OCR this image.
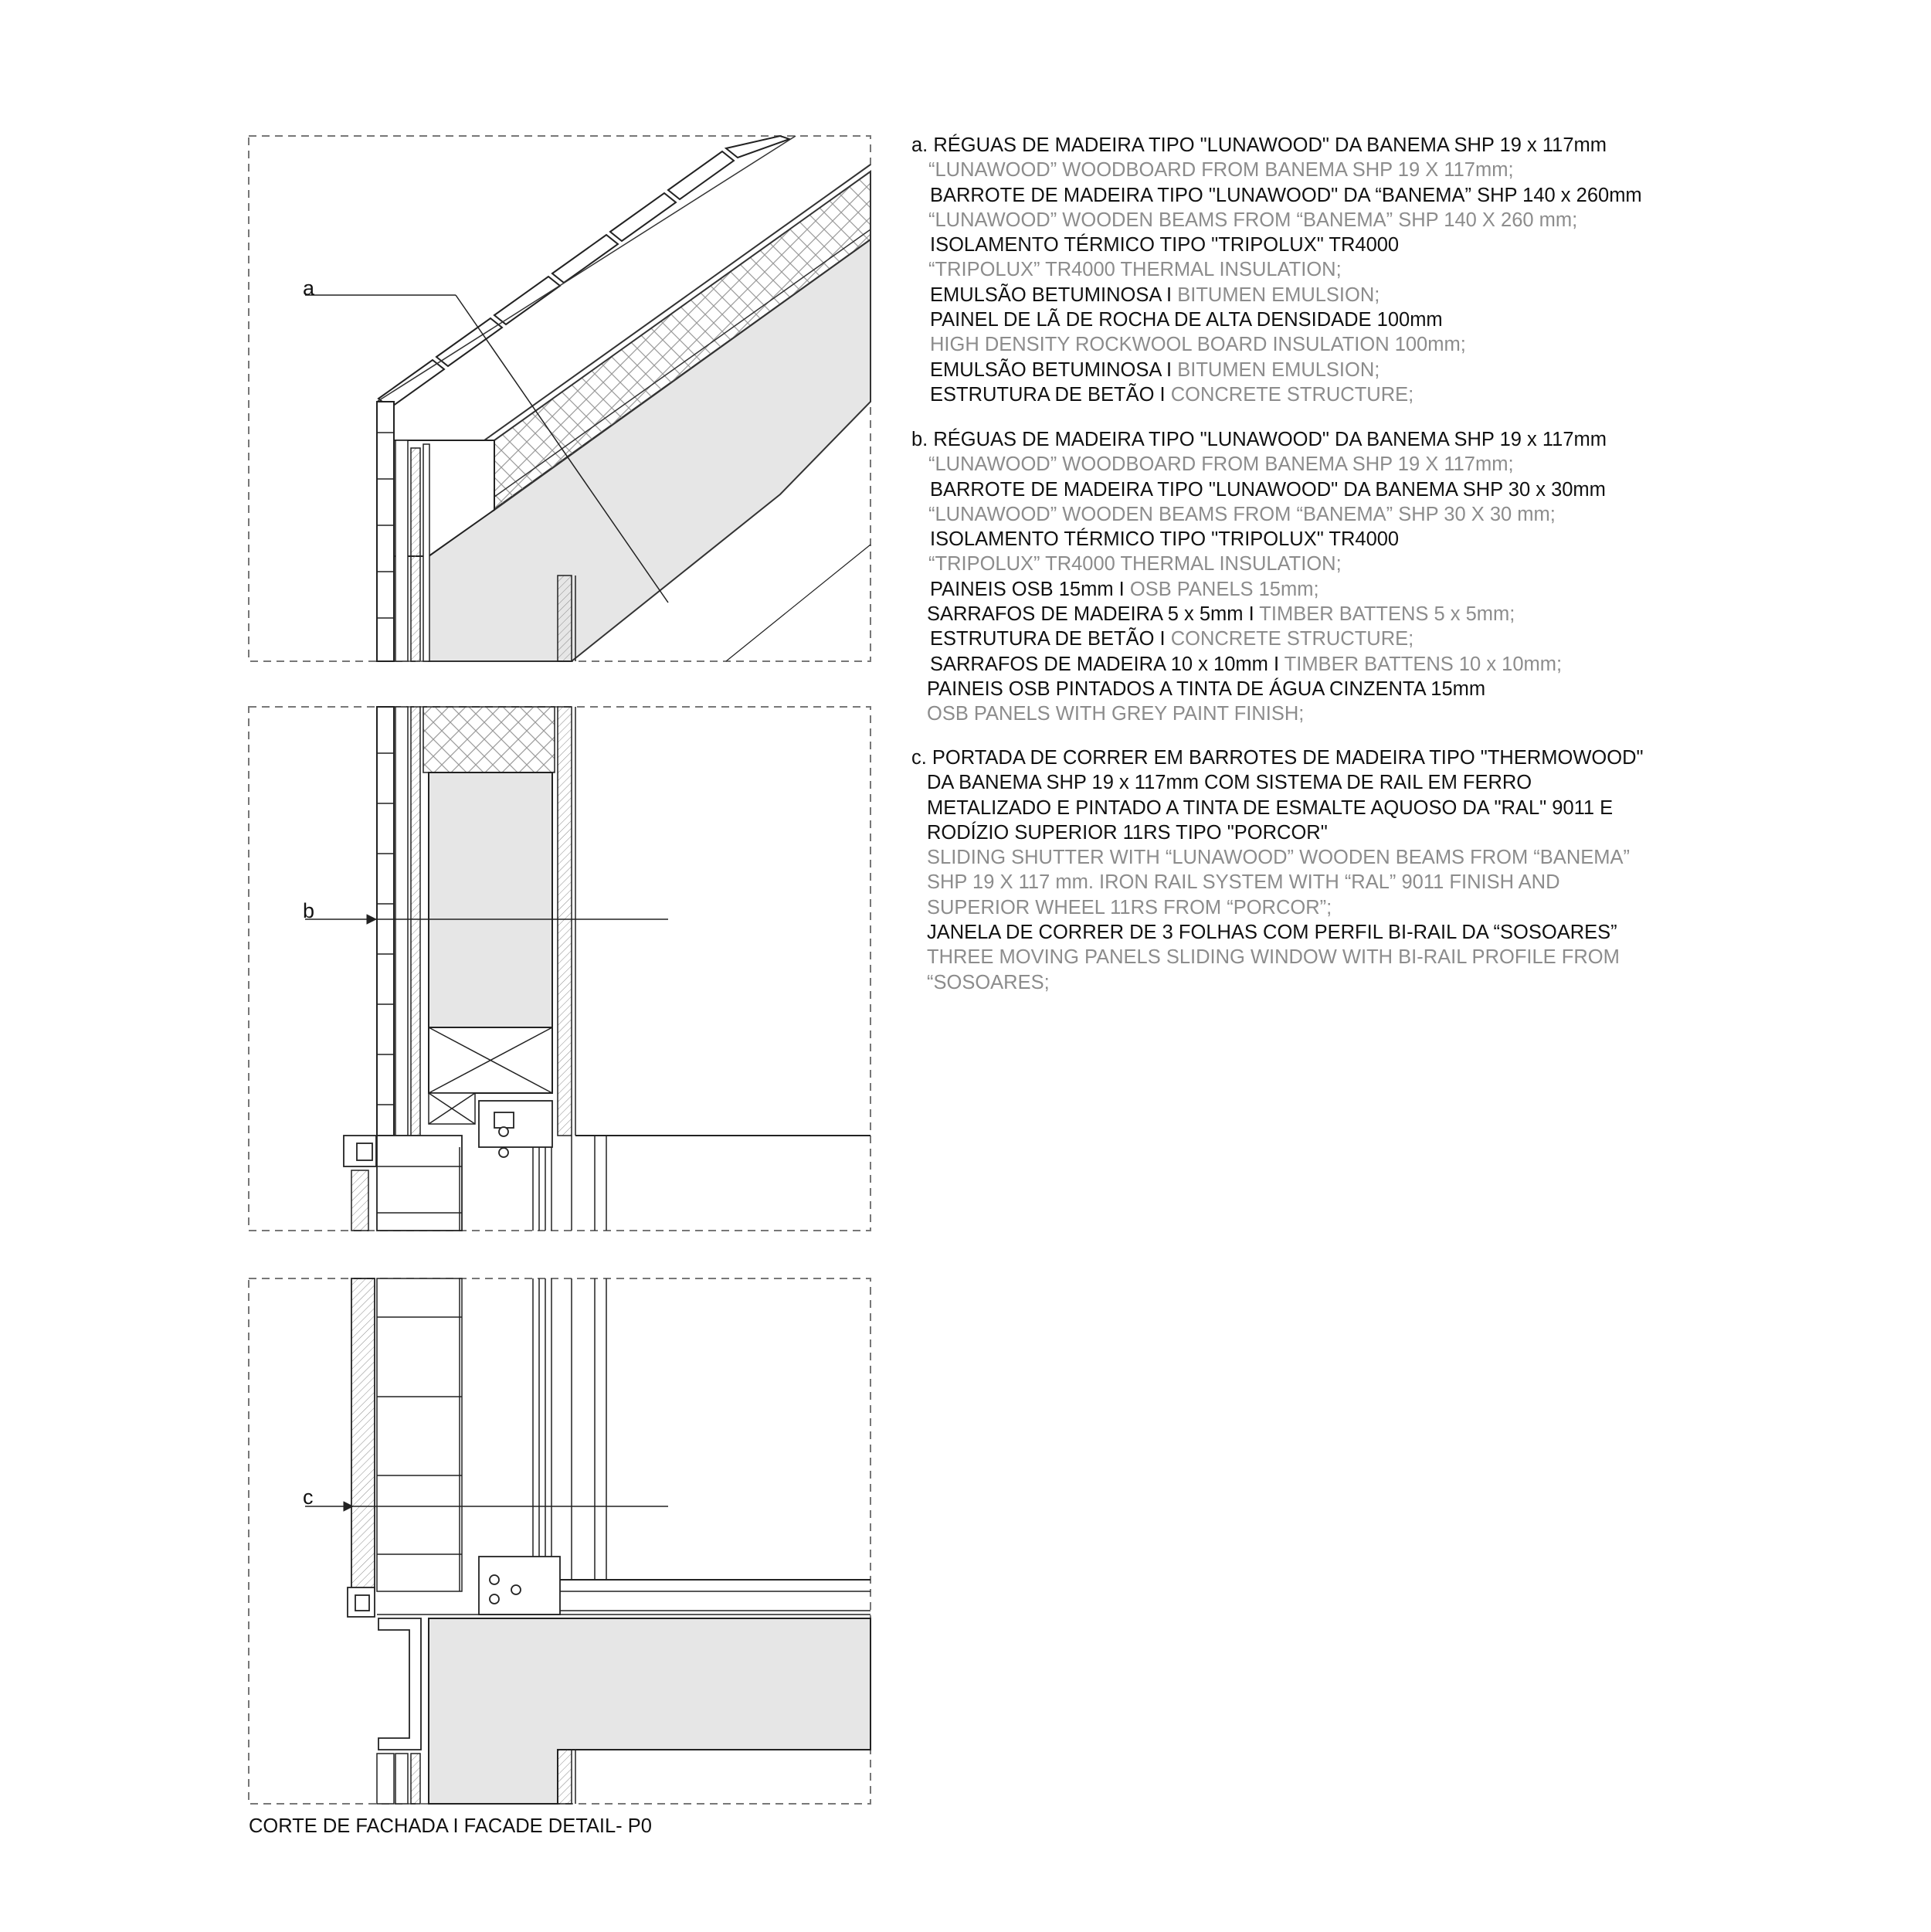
a
b
c
a. RÉGUAS DE MADEIRA TIPO "LUNAWOOD" DA BANEMA SHP 19 x 117mm
“LUNAWOOD” WOODBOARD FROM BANEMA SHP 19 X 117mm;
BARROTE DE MADEIRA TIPO "LUNAWOOD" DA “BANEMA” SHP 140 x 260mm
“LUNAWOOD” WOODEN BEAMS FROM “BANEMA” SHP 140 X 260 mm;
ISOLAMENTO TÉRMICO TIPO "TRIPOLUX" TR4000
“TRIPOLUX” TR4000 THERMAL INSULATION;
EMULSÃO BETUMINOSA I BITUMEN EMULSION;
PAINEL DE LÃ DE ROCHA DE ALTA DENSIDADE 100mm
HIGH DENSITY ROCKWOOL BOARD INSULATION 100mm;
EMULSÃO BETUMINOSA I BITUMEN EMULSION;
ESTRUTURA DE BETÃO I CONCRETE STRUCTURE;
b. RÉGUAS DE MADEIRA TIPO "LUNAWOOD" DA BANEMA SHP 19 x 117mm
“LUNAWOOD” WOODBOARD FROM BANEMA SHP 19 X 117mm;
BARROTE DE MADEIRA TIPO "LUNAWOOD" DA BANEMA SHP 30 x 30mm
“LUNAWOOD” WOODEN BEAMS FROM “BANEMA” SHP 30 X 30 mm;
ISOLAMENTO TÉRMICO TIPO "TRIPOLUX" TR4000
“TRIPOLUX” TR4000 THERMAL INSULATION;
PAINEIS OSB 15mm I OSB PANELS 15mm;
SARRAFOS DE MADEIRA 5 x 5mm I TIMBER BATTENS 5 x 5mm;
ESTRUTURA DE BETÃO I CONCRETE STRUCTURE;
SARRAFOS DE MADEIRA 10 x 10mm I TIMBER BATTENS 10 x 10mm;
PAINEIS OSB PINTADOS A TINTA DE ÁGUA CINZENTA 15mm
OSB PANELS WITH GREY PAINT FINISH;
c. PORTADA DE CORRER EM BARROTES DE MADEIRA TIPO "THERMOWOOD"
DA BANEMA SHP 19 x 117mm COM SISTEMA DE RAIL EM FERRO
METALIZADO E PINTADO A TINTA DE ESMALTE AQUOSO DA "RAL" 9011 E
RODÍZIO SUPERIOR 11RS TIPO "PORCOR"
SLIDING SHUTTER WITH “LUNAWOOD” WOODEN BEAMS FROM “BANEMA”
SHP 19 X 117 mm. IRON RAIL SYSTEM WITH “RAL” 9011 FINISH AND
SUPERIOR WHEEL 11RS FROM “PORCOR”;
JANELA DE CORRER DE 3 FOLHAS COM PERFIL BI-RAIL DA “SOSOARES”
THREE MOVING PANELS SLIDING WINDOW WITH BI-RAIL PROFILE FROM
“SOSOARES;
CORTE DE FACHADA I FACADE DETAIL- P0
